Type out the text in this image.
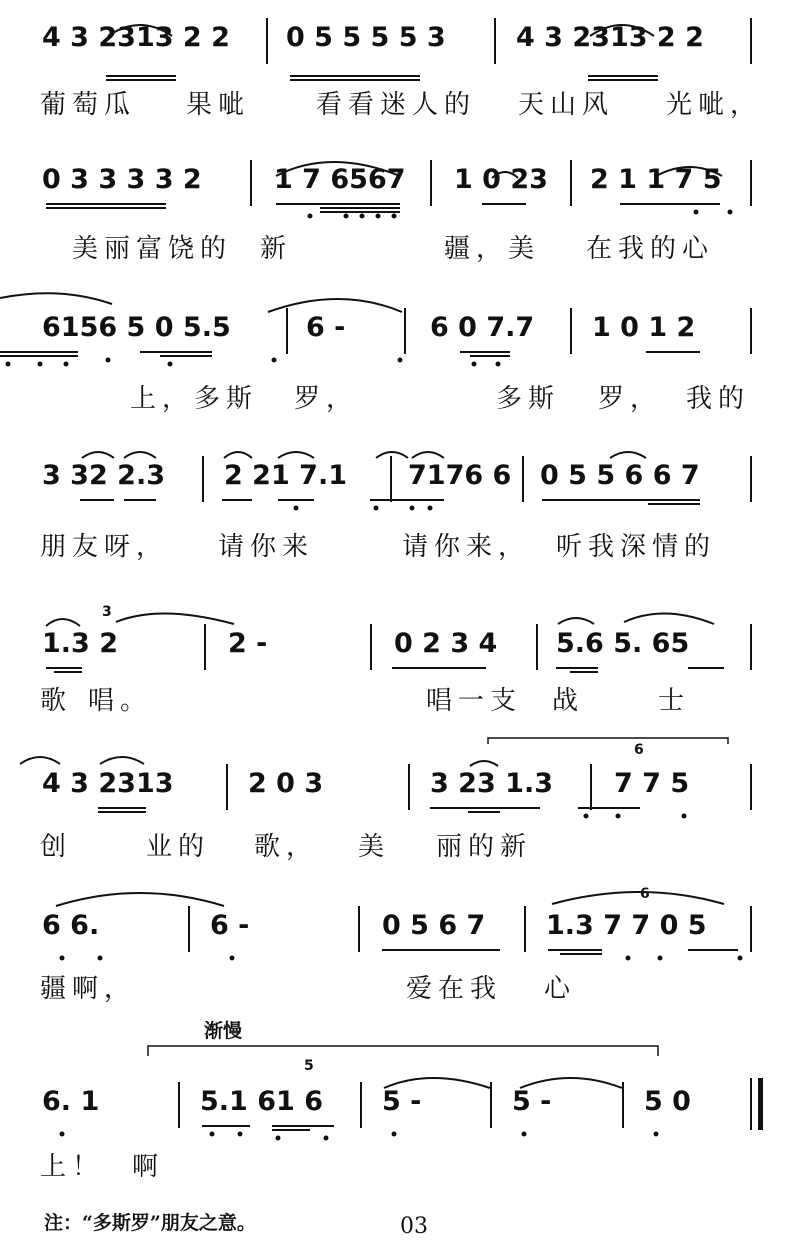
4 3 2313 2 2 0 5 5 5 5 3	4 3 2313 2 2
葡萄瓜 果呲	看看迷人的 天山风 光呲，
0 3 3 3 3 2	1 7 6567 1 0 23 2 1 1 7 5
美丽富饶的 新	疆，美 在我的心
6156 5 0 5.5	6 -	6 0 7.7 1 0 1 2
上，多斯 罗，	多斯 罗， 我的
3 32 2.3 2 21 7.1 7176 6 0 5 5 6 6 7
朋友呀， 请你来	请你来， 听我深情的
1.3 2	2 -	0 2 3 4 5.6 5. 65
3
歌 唱。	唱一支 战	士
4 3 2313	2 0 3	3 23 1.3 7 7 5
6
创	业的 歌， 美 丽的新
6 6.	6 -	0 5 6 7 1.3 7 7 0 5
6
疆啊，	爱在我 心
渐慢
6. 1	5.1 61 6 5 -	5 -	5 0
5
上！ 啊
注：“多斯罗”朋友之意。	03
